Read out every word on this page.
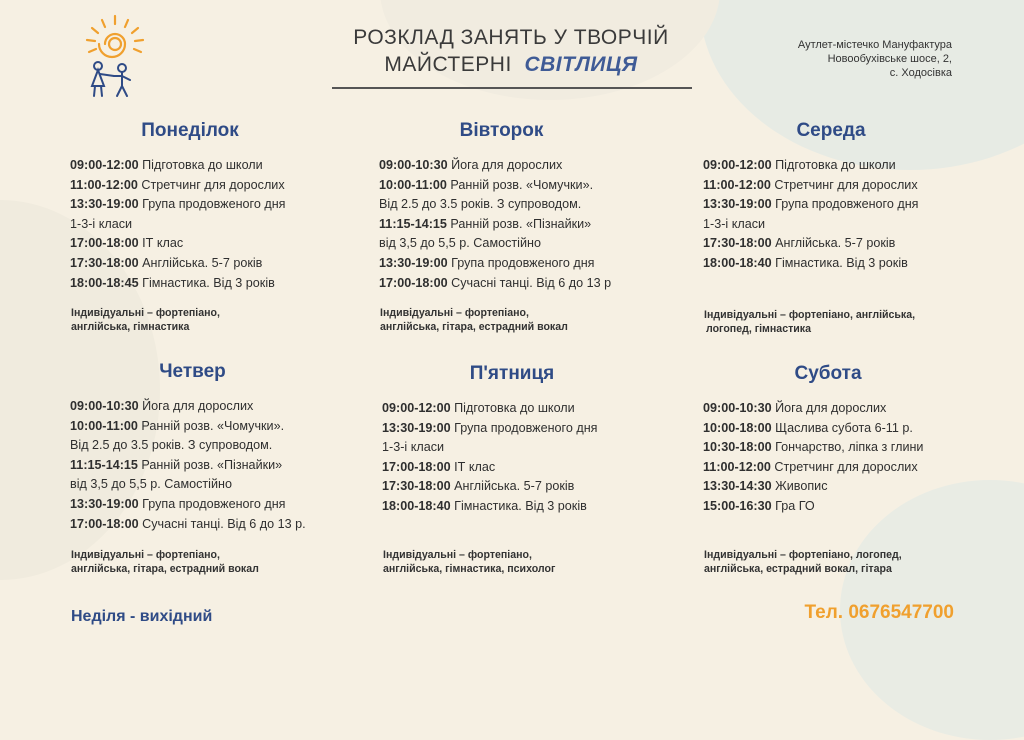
РОЗКЛАД ЗАНЯТЬ У ТВОРЧІЙ
МАЙСТЕРНІ СВІТЛИЦЯ
Аутлет-містечко Мануфактура
Новообухівське шосе, 2,
с. Ходосівка
Понеділок
09:00-12:00 Підготовка до школи
11:00-12:00 Стретчинг для дорослих
13:30-19:00 Група продовженого дня
1-3-і класи
17:00-18:00 ІТ клас
17:30-18:00 Англійська. 5-7 років
18:00-18:45 Гімнастика. Від 3 років
Індивідуальні – фортепіано,
англійська, гімнастика
Вівторок
09:00-10:30 Йога для дорослих
10:00-11:00 Ранній розв. «Чомучки».
Від 2.5 до 3.5 років. З супроводом.
11:15-14:15 Ранній розв. «Пізнайки»
від 3,5 до 5,5 р. Самостійно
13:30-19:00 Група продовженого дня
17:00-18:00 Сучасні танці. Від 6 до 13 р
Індивідуальні – фортепіано,
англійська, гітара, естрадний вокал
Середа
09:00-12:00 Підготовка до школи
11:00-12:00 Стретчинг для дорослих
13:30-19:00 Група продовженого дня
1-3-і класи
17:30-18:00 Англійська. 5-7 років
18:00-18:40 Гімнастика. Від 3 років
Індивідуальні – фортепіано, англійська,
логопед, гімнастика
Четвер
09:00-10:30 Йога для дорослих
10:00-11:00 Ранній розв. «Чомучки».
Від 2.5 до 3.5 років. З супроводом.
11:15-14:15 Ранній розв. «Пізнайки»
від 3,5 до 5,5 р. Самостійно
13:30-19:00 Група продовженого дня
17:00-18:00 Сучасні танці. Від 6 до 13 р.
Індивідуальні – фортепіано,
англійська, гітара, естрадний вокал
П'ятниця
09:00-12:00 Підготовка до школи
13:30-19:00 Група продовженого дня
1-3-і класи
17:00-18:00 ІТ клас
17:30-18:00 Англійська. 5-7 років
18:00-18:40 Гімнастика. Від 3 років
Індивідуальні – фортепіано,
англійська, гімнастика, психолог
Субота
09:00-10:30 Йога для дорослих
10:00-18:00 Щаслива субота 6-11 р.
10:30-18:00 Гончарство, ліпка з глини
11:00-12:00 Стретчинг для дорослих
13:30-14:30 Живопис
15:00-16:30 Гра ГО
Індивідуальні – фортепіано, логопед,
англійська, естрадний вокал, гітара
Неділя - вихідний	Тел. 0676547700
